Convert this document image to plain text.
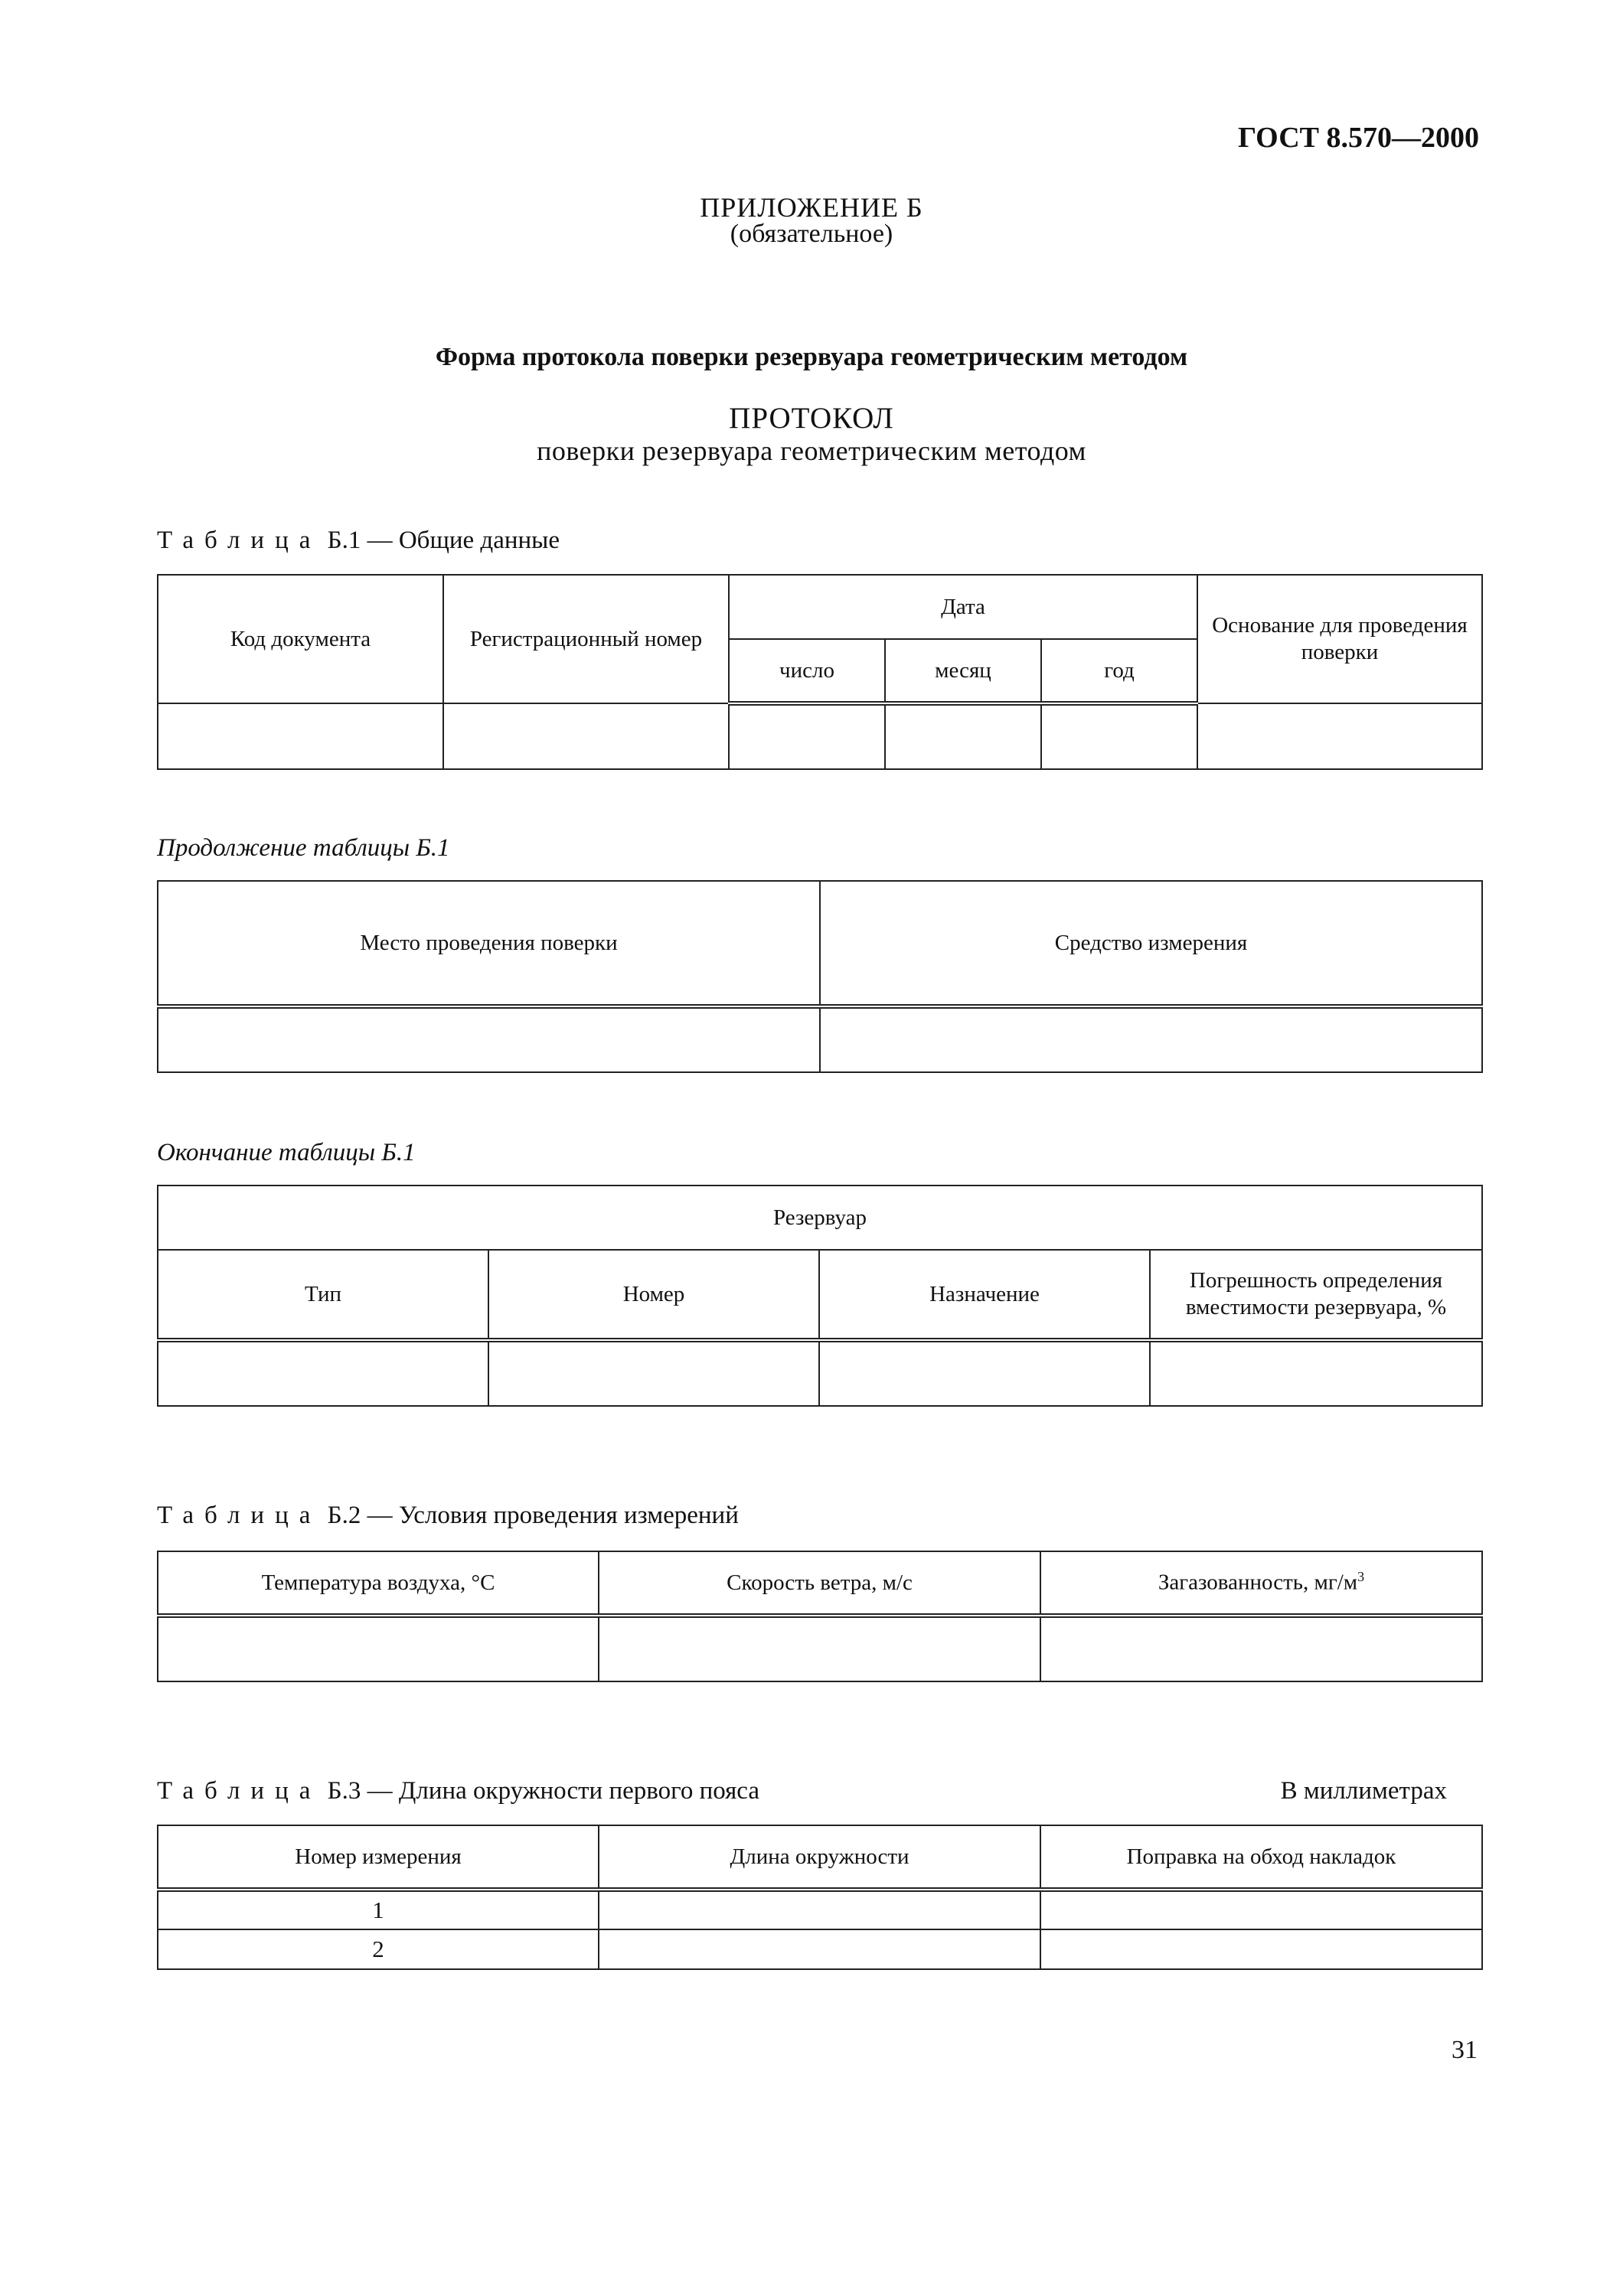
ГОСТ 8.570—2000
ПРИЛОЖЕНИЕ Б
(обязательное)
Форма протокола поверки резервуара геометрическим методом
ПРОТОКОЛ
поверки резервуара геометрическим методом
Таблица Б.1 — Общие данные
Код документа	Регистрационный номер	Дата			Основание для проведения поверки
		число	месяц	год	

Продолжение таблицы Б.1
Место проведения поверки	Средство измерения

Окончание таблицы Б.1
Резервуар			
Тип	Номер	Назначение	Погрешность определения вместимости резервуара, %

Таблица Б.2 — Условия проведения измерений
Температура воздуха, °С	Скорость ветра, м/с	Загазованность, $мг/м^3$

Таблица Б.3 — Длина окружности первого пояса	В миллиметрах
Номер измерения	Длина окружности	Поправка на обход накладок
1		
2		
31
